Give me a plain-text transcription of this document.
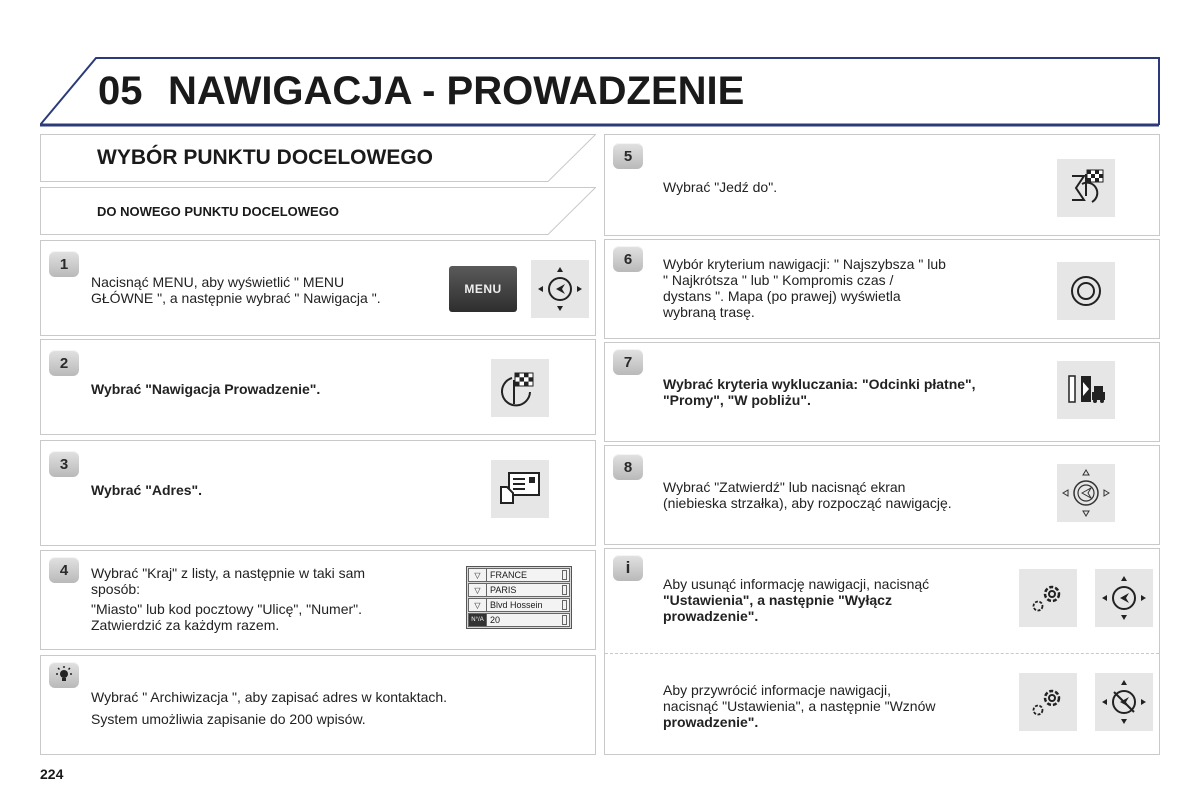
05 NAWIGACJA - PROWADZENIE
WYBÓR PUNKTU DOCELOWEGO
DO NOWEGO PUNKTU DOCELOWEGO
1
Nacisnąć MENU, aby wyświetlić " MENU
GŁÓWNE ", a następnie wybrać " Nawigacja ".
MENU
2
Wybrać "Nawigacja Prowadzenie".
3
Wybrać "Adres".
4	Wybrać "Kraj" z listy, a następnie w taki sam
sposób:
"Miasto" lub kod pocztowy "Ulicę", "Numer".
Zatwierdzić za każdym razem.
▽	FRANCE
▽	PARIS
▽	Blvd Hossein
N°/A 20
Wybrać " Archiwizacja ", aby zapisać adres w kontaktach.
System umożliwia zapisanie do 200 wpisów.
5
Wybrać "Jedź do".
6	Wybór kryterium nawigacji: " Najszybsza " lub
" Najkrótsza " lub " Kompromis czas /
dystans ". Mapa (po prawej) wyświetla
wybraną trasę.
7
Wybrać kryteria wykluczania: "Odcinki płatne",
"Promy", "W pobliżu".
8
Wybrać "Zatwierdź" lub nacisnąć ekran
(niebieska strzałka), aby rozpocząć nawigację.
i
Aby usunąć informację nawigacji, nacisnąć
"Ustawienia", a następnie "Wyłącz
prowadzenie".
Aby przywrócić informacje nawigacji,
nacisnąć "Ustawienia", a następnie "Wznów
prowadzenie".
224
